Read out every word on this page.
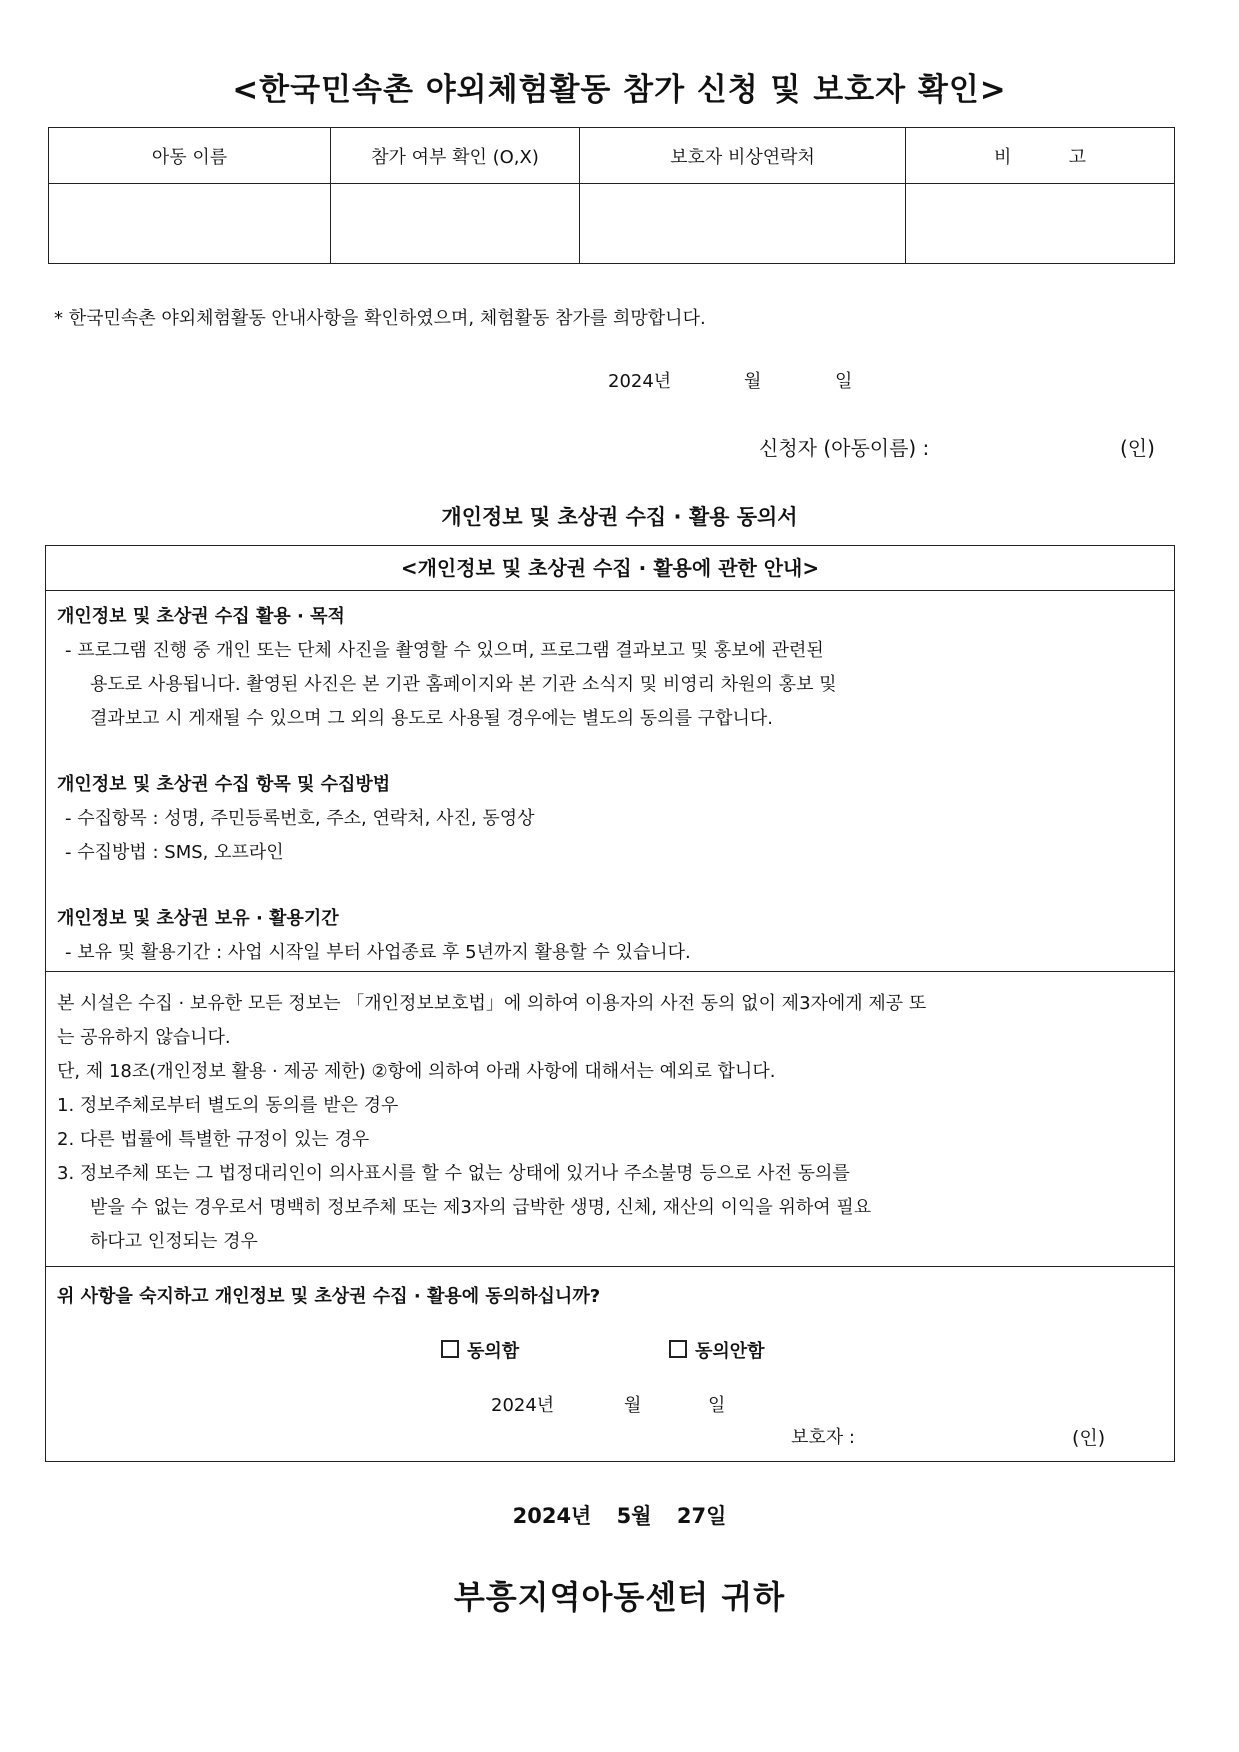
<한국민속촌 야외체험활동 참가 신청 및 보호자 확인>
아동 이름	참가 여부 확인 (O,X)	보호자 비상연락처	비          고

* 한국민속촌 야외체험활동 안내사항을 확인하였으며, 체험활동 참가를 희망합니다.
2024년	월	일
신청자 (아동이름) :	(인)
개인정보 및 초상권 수집 · 활용 동의서
<개인정보 및 초상권 수집 · 활용에 관한 안내>
개인정보 및 초상권 수집 활용 · 목적
- 프로그램 진행 중 개인 또는 단체 사진을 촬영할 수 있으며, 프로그램 결과보고 및 홍보에 관련된
용도로 사용됩니다. 촬영된 사진은 본 기관 홈페이지와 본 기관 소식지 및 비영리 차원의 홍보 및
결과보고 시 게재될 수 있으며 그 외의 용도로 사용될 경우에는 별도의 동의를 구합니다.
개인정보 및 초상권 수집 항목 및 수집방법
- 수집항목 : 성명, 주민등록번호, 주소, 연락처, 사진, 동영상
- 수집방법 : SMS, 오프라인
개인정보 및 초상권 보유 · 활용기간
- 보유 및 활용기간 : 사업 시작일 부터 사업종료 후 5년까지 활용할 수 있습니다.
본 시설은 수집 · 보유한 모든 정보는 「개인정보보호법」에 의하여 이용자의 사전 동의 없이 제3자에게 제공 또
는 공유하지 않습니다.
단, 제 18조(개인정보 활용 · 제공 제한) ②항에 의하여 아래 사항에 대해서는 예외로 합니다.
1. 정보주체로부터 별도의 동의를 받은 경우
2. 다른 법률에 특별한 규정이 있는 경우
3. 정보주체 또는 그 법정대리인이 의사표시를 할 수 없는 상태에 있거나 주소불명 등으로 사전 동의를
받을 수 없는 경우로서 명백히 정보주체 또는 제3자의 급박한 생명, 신체, 재산의 이익을 위하여 필요
하다고 인정되는 경우
위 사항을 숙지하고 개인정보 및 초상권 수집 · 활용에 동의하십니까?
동의함	동의안함
2024년	월	일
보호자 :	(인)
2024년 5월 27일
부흥지역아동센터 귀하
